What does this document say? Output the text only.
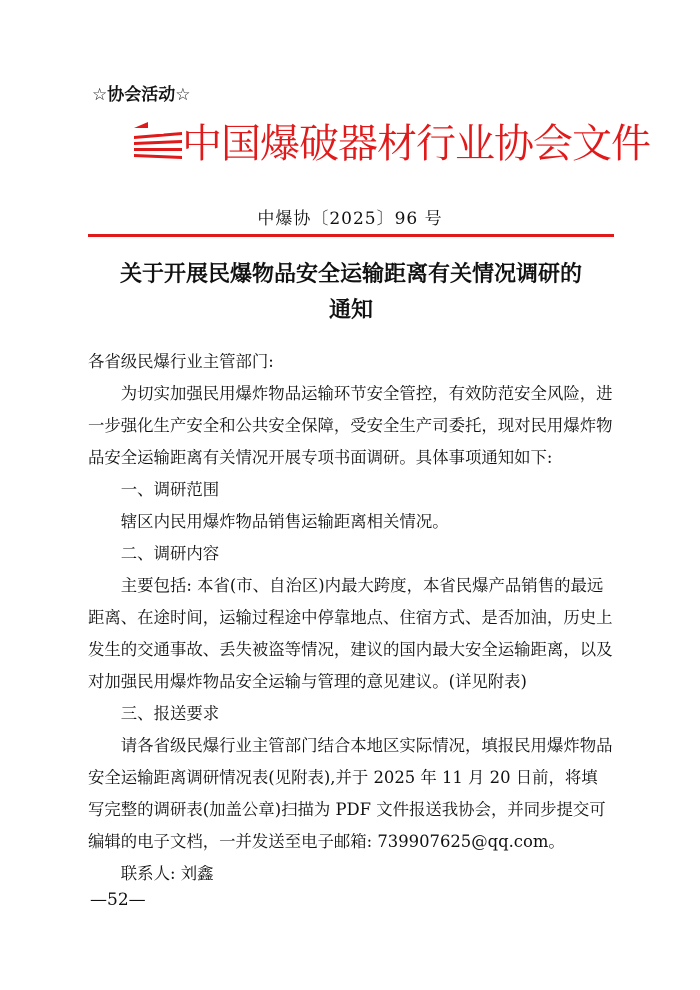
☆协会活动☆
CE 中国爆破器材行业协会文件
中爆协〔2025〕96 号
关于开展民爆物品安全运输距离有关情况调研的
通知

各省级民爆行业主管部门:

为切实加强民用爆炸物品运输环节安全管控，有效防范安全风险，进一步强化生产安全和公共安全保障，受安全生产司委托，现对民用爆炸物品安全运输距离有关情况开展专项书面调研。具体事项通知如下:

一、调研范围

辖区内民用爆炸物品销售运输距离相关情况。

二、调研内容

主要包括: 本省(市、自治区)内最大跨度，本省民爆产品销售的最远距离、在途时间，运输过程途中停靠地点、住宿方式、是否加油，历史上发生的交通事故、丢失被盗等情况，建议的国内最大安全运输距离，以及对加强民用爆炸物品安全运输与管理的意见建议。(详见附表)

三、报送要求

请各省级民爆行业主管部门结合本地区实际情况，填报民用爆炸物品安全运输距离调研情况表(见附表),并于 2025 年 11 月 20 日前，将填写完整的调研表(加盖公章)扫描为 PDF 文件报送我协会，并同步提交可编辑的电子文档，一并发送至电子邮箱: 739907625@qq.com。

联系人: 刘鑫

—52—
